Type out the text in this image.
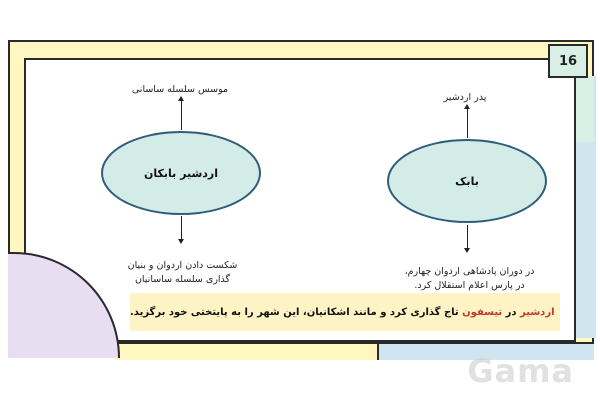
16
موسس سلسله ساسانی
اردشیر بابکان
شکست دادن اردوان و بنیان
گذاری سلسله ساسانیان
پدر اردشیر
بابک
در دوران پادشاهی اردوان چهارم،
در پارس اعلام استقلال کرد.
اردشیر
در
تیسفون
تاج گذاری کرد و مانند اشکانیان، این شهر را به پایتختی خود برگزید.
Gama
